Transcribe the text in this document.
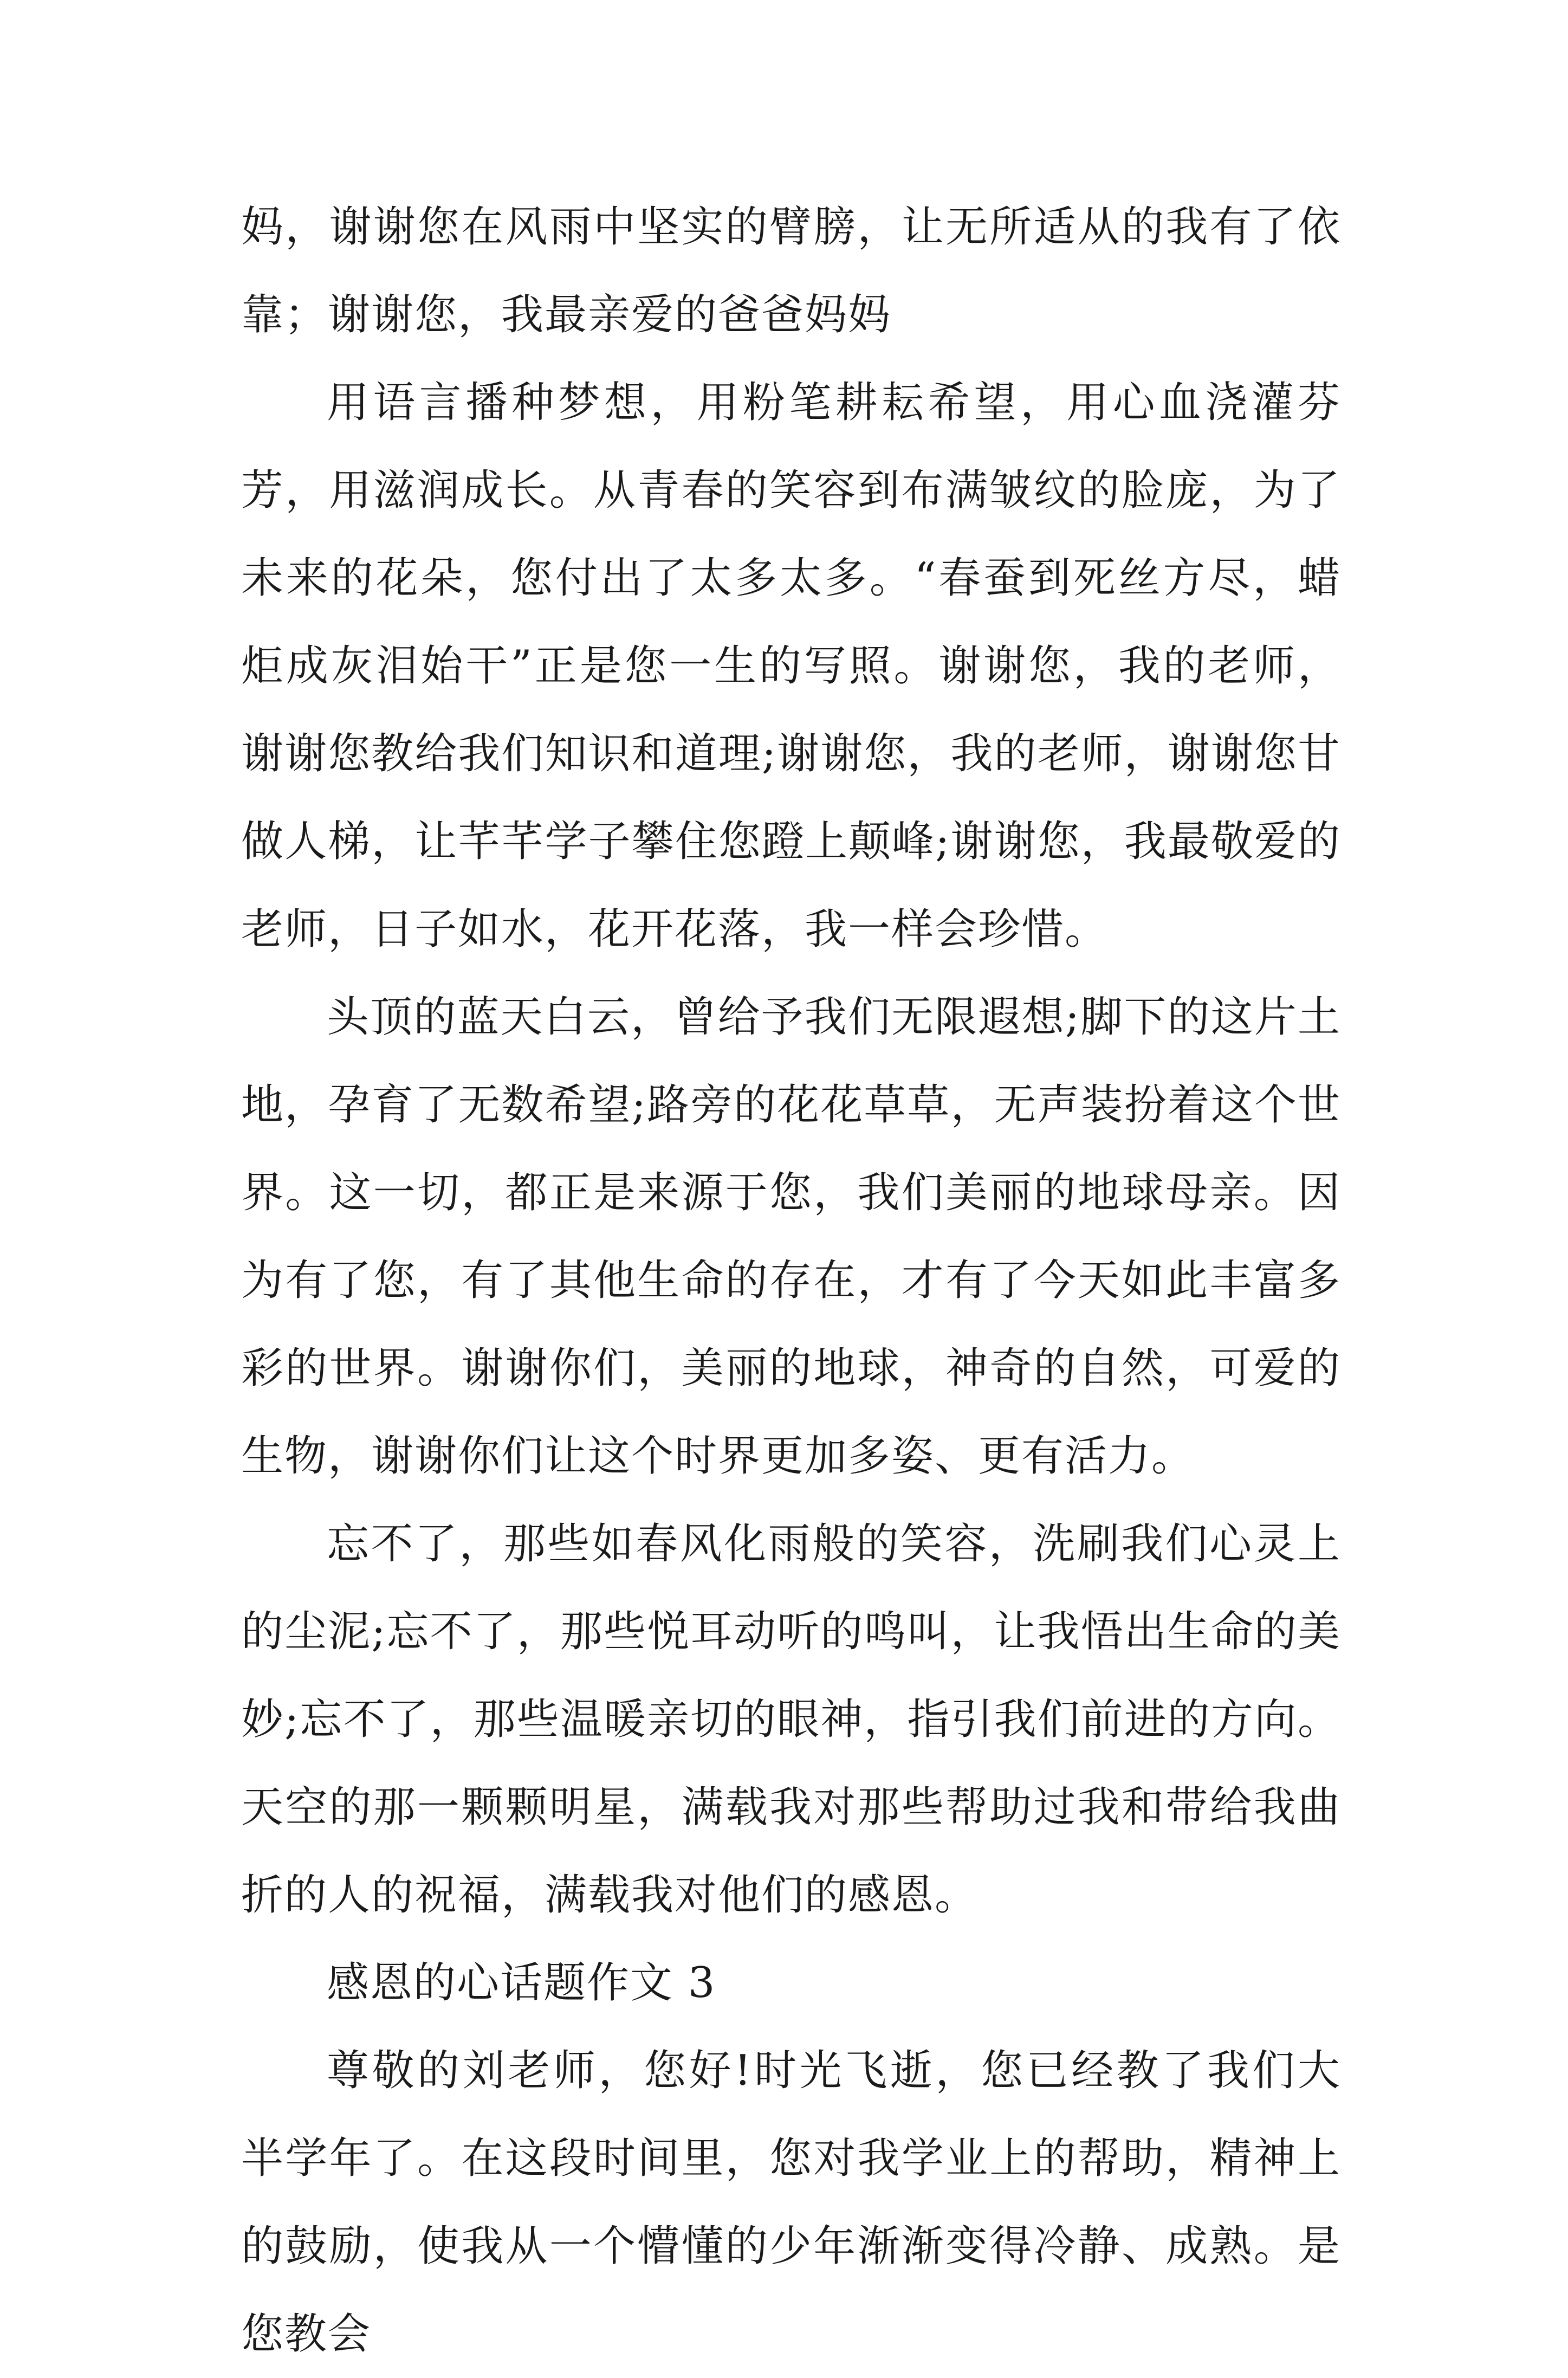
妈，谢谢您在风雨中坚实的臂膀，让无所适从的我有了依靠；谢谢您，我最亲爱的爸爸妈妈

用语言播种梦想，用粉笔耕耘希望，用心血浇灌芬芳，用滋润成长。从青春的笑容到布满皱纹的脸庞，为了未来的花朵，您付出了太多太多。“春蚕到死丝方尽，蜡炬成灰泪始干”正是您一生的写照。谢谢您，我的老师，谢谢您教给我们知识和道理;谢谢您，我的老师，谢谢您甘做人梯，让芊芊学子攀住您蹬上颠峰;谢谢您，我最敬爱的老师，日子如水，花开花落，我一样会珍惜。

头顶的蓝天白云，曾给予我们无限遐想;脚下的这片土地，孕育了无数希望;路旁的花花草草，无声装扮着这个世界。这一切，都正是来源于您，我们美丽的地球母亲。因为有了您，有了其他生命的存在，才有了今天如此丰富多彩的世界。谢谢你们，美丽的地球，神奇的自然，可爱的生物，谢谢你们让这个时界更加多姿、更有活力。

忘不了，那些如春风化雨般的笑容，洗刷我们心灵上的尘泥;忘不了，那些悦耳动听的鸣叫，让我悟出生命的美妙;忘不了，那些温暖亲切的眼神，指引我们前进的方向。天空的那一颗颗明星，满载我对那些帮助过我和带给我曲折的人的祝福，满载我对他们的感恩。

感恩的心话题作文 3

尊敬的刘老师，您好!时光飞逝，您已经教了我们大半学年了。在这段时间里，您对我学业上的帮助，精神上的鼓励，使我从一个懵懂的少年渐渐变得冷静、成熟。是您教会
